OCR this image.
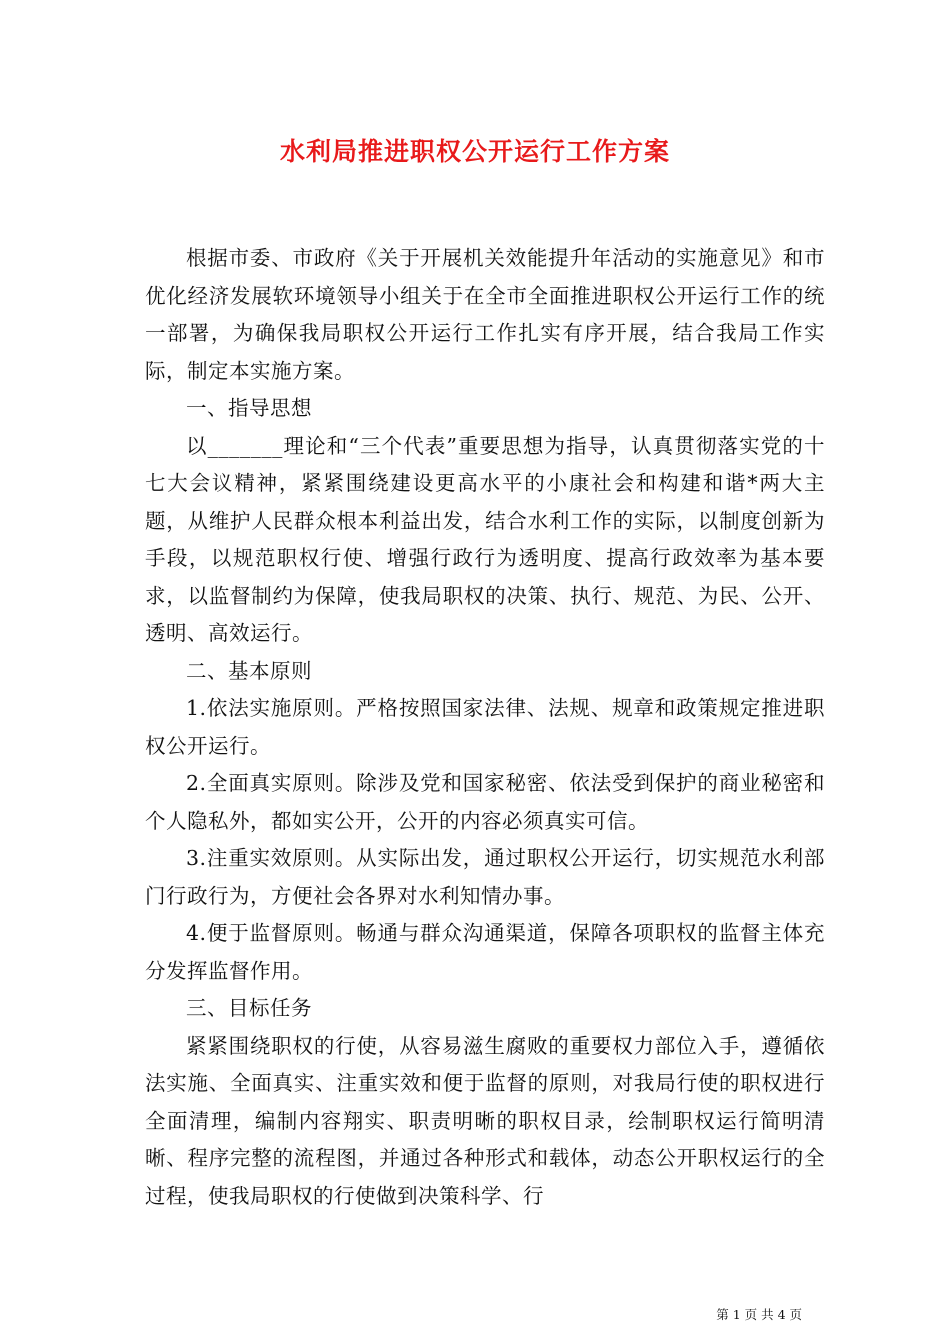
水利局推进职权公开运行工作方案

根据市委、市政府《关于开展机关效能提升年活动的实施意见》和市优化经济发展软环境领导小组关于在全市全面推进职权公开运行工作的统一部署，为确保我局职权公开运行工作扎实有序开展，结合我局工作实际，制定本实施方案。

一、指导思想

以_______理论和“三个代表”重要思想为指导，认真贯彻落实党的十七大会议精神，紧紧围绕建设更高水平的小康社会和构建和谐*两大主题，从维护人民群众根本利益出发，结合水利工作的实际，以制度创新为手段，以规范职权行使、增强行政行为透明度、提高行政效率为基本要求，以监督制约为保障，使我局职权的决策、执行、规范、为民、公开、透明、高效运行。

二、基本原则

1.依法实施原则。严格按照国家法律、法规、规章和政策规定推进职权公开运行。

2.全面真实原则。除涉及党和国家秘密、依法受到保护的商业秘密和个人隐私外，都如实公开，公开的内容必须真实可信。

3.注重实效原则。从实际出发，通过职权公开运行，切实规范水利部门行政行为，方便社会各界对水利知情办事。

4.便于监督原则。畅通与群众沟通渠道，保障各项职权的监督主体充分发挥监督作用。

三、目标任务

紧紧围绕职权的行使，从容易滋生腐败的重要权力部位入手，遵循依法实施、全面真实、注重实效和便于监督的原则，对我局行使的职权进行全面清理，编制内容翔实、职责明晰的职权目录，绘制职权运行简明清晰、程序完整的流程图，并通过各种形式和载体，动态公开职权运行的全过程，使我局职权的行使做到决策科学、行

第 1 页 共 4 页
